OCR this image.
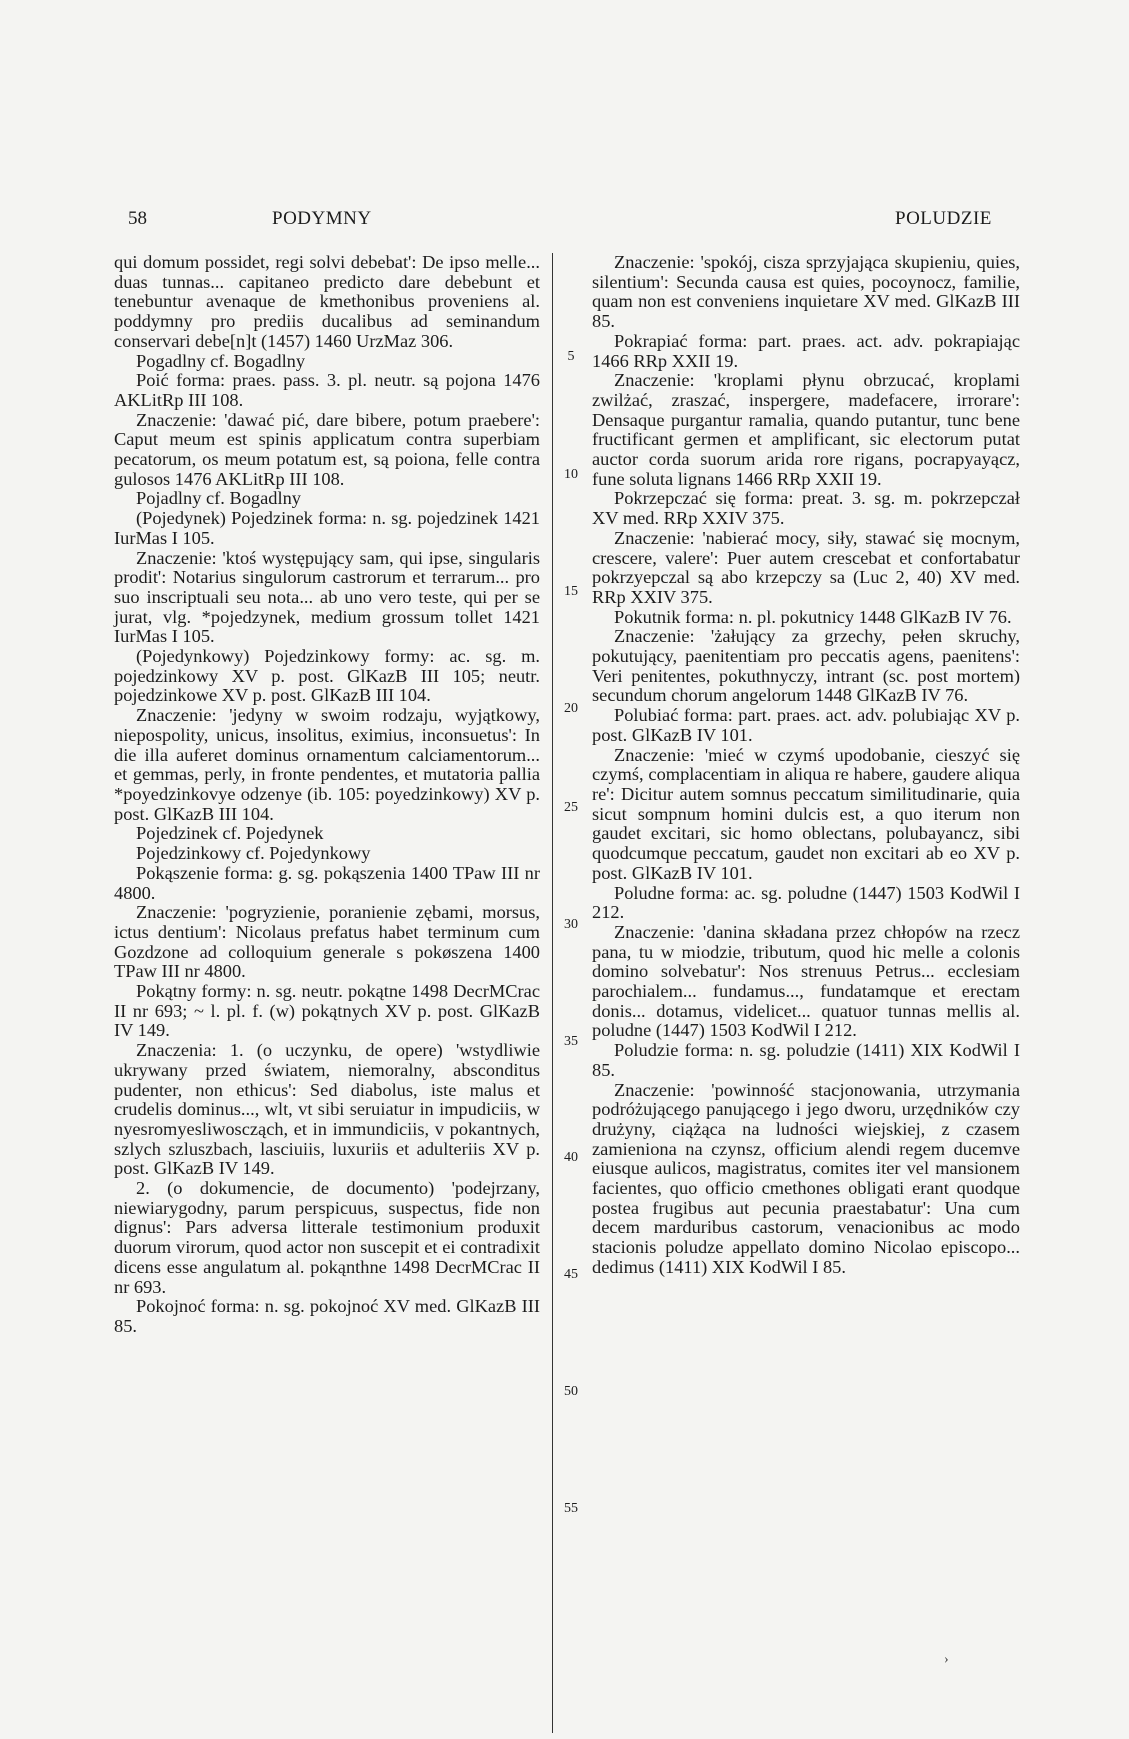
58	PODYMNY	POLUDZIE

qui domum possidet, regi solvi debebat': De ipso melle... duas tunnas... capitaneo predicto dare debebunt et tenebuntur avenaque de kmethonibus proveniens al. poddymny pro prediis ducalibus ad seminandum conservari debe[n]t (1457) 1460 UrzMaz 306.

Pogadlny cf. Bogadlny

Poić forma: praes. pass. 3. pl. neutr. są pojona 1476 AKLitRp III 108.

Znaczenie: 'dawać pić, dare bibere, potum praebere': Caput meum est spinis applicatum contra superbiam pecatorum, os meum potatum est, są poiona, felle contra gulosos 1476 AKLitRp III 108.

Pojadlny cf. Bogadlny

(Pojedynek) Pojedzinek forma: n. sg. pojedzinek 1421 IurMas I 105.

Znaczenie: 'ktoś występujący sam, qui ipse, singularis prodit': Notarius singulorum castrorum et terrarum... pro suo inscriptuali seu nota... ab uno vero teste, qui per se jurat, vlg. *pojedzynek, medium grossum tollet 1421 IurMas I 105.

(Pojedynkowy) Pojedzinkowy formy: ac. sg. m. pojedzinkowy XV p. post. GlKazB III 105; neutr. pojedzinkowe XV p. post. GlKazB III 104.

Znaczenie: 'jedyny w swoim rodzaju, wyjątkowy, niepospolity, unicus, insolitus, eximius, inconsuetus': In die illa auferet dominus ornamentum calciamentorum... et gemmas, perly, in fronte pendentes, et mutatoria pallia *poyedzinkovye odzenye (ib. 105: poyedzinkowy) XV p. post. GlKazB III 104.

Pojedzinek cf. Pojedynek

Pojedzinkowy cf. Pojedynkowy

Pokąszenie forma: g. sg. pokąszenia 1400 TPaw III nr 4800.

Znaczenie: 'pogryzienie, poranienie zębami, morsus, ictus dentium': Nicolaus prefatus habet terminum cum Gozdzone ad colloquium generale s pokøszena 1400 TPaw III nr 4800.

Pokątny formy: n. sg. neutr. pokątne 1498 DecrMCrac II nr 693; ~ l. pl. f. (w) pokątnych XV p. post. GlKazB IV 149.

Znaczenia: 1. (o uczynku, de opere) 'wstydliwie ukrywany przed światem, niemoralny, absconditus pudenter, non ethicus': Sed diabolus, iste malus et crudelis dominus..., wlt, vt sibi seruiatur in impudiciis, w nyesromyesliwoscząch, et in immundiciis, v pokantnych, szlych szluszbach, lasciuiis, luxuriis et adulteriis XV p. post. GlKazB IV 149.

2. (o dokumencie, de documento) 'podejrzany, niewiarygodny, parum perspicuus, suspectus, fide non dignus': Pars adversa litterale testimonium produxit duorum virorum, quod actor non suscepit et ei contradixit dicens esse angulatum al. pokąnthne 1498 DecrMCrac II nr 693.

Pokojnoć forma: n. sg. pokojnoć XV med. GlKazB III 85.

5
10
15
20
25
30
35
40
45
50
55

Znaczenie: 'spokój, cisza sprzyjająca skupieniu, quies, silentium': Secunda causa est quies, pocoynocz, familie, quam non est conveniens inquietare XV med. GlKazB III 85.

Pokrapiać forma: part. praes. act. adv. pokrapiając 1466 RRp XXII 19.

Znaczenie: 'kroplami płynu obrzucać, kroplami zwilżać, zraszać, inspergere, madefacere, irrorare': Densaque purgantur ramalia, quando putantur, tunc bene fructificant germen et amplificant, sic electorum putat auctor corda suorum arida rore rigans, pocrapyayącz, fune soluta lignans 1466 RRp XXII 19.

Pokrzepczać się forma: preat. 3. sg. m. pokrzepczał XV med. RRp XXIV 375.

Znaczenie: 'nabierać mocy, siły, stawać się mocnym, crescere, valere': Puer autem crescebat et confortabatur pokrzyepczal są abo krzepczy sa (Luc 2, 40) XV med. RRp XXIV 375.

Pokutnik forma: n. pl. pokutnicy 1448 GlKazB IV 76.

Znaczenie: 'żałujący za grzechy, pełen skruchy, pokutujący, paenitentiam pro peccatis agens, paenitens': Veri penitentes, pokuthnyczy, intrant (sc. post mortem) secundum chorum angelorum 1448 GlKazB IV 76.

Polubiać forma: part. praes. act. adv. polubiając XV p. post. GlKazB IV 101.

Znaczenie: 'mieć w czymś upodobanie, cieszyć się czymś, complacentiam in aliqua re habere, gaudere aliqua re': Dicitur autem somnus peccatum similitudinarie, quia sicut sompnum homini dulcis est, a quo iterum non gaudet excitari, sic homo oblectans, polubayancz, sibi quodcumque peccatum, gaudet non excitari ab eo XV p. post. GlKazB IV 101.

Poludne forma: ac. sg. poludne (1447) 1503 KodWil I 212.

Znaczenie: 'danina składana przez chłopów na rzecz pana, tu w miodzie, tributum, quod hic melle a colonis domino solvebatur': Nos strenuus Petrus... ecclesiam parochialem... fundamus..., fundatamque et erectam donis... dotamus, videlicet... quatuor tunnas mellis al. poludne (1447) 1503 KodWil I 212.

Poludzie forma: n. sg. poludzie (1411) XIX KodWil I 85.

Znaczenie: 'powinność stacjonowania, utrzymania podróżującego panującego i jego dworu, urzędników czy drużyny, ciążąca na ludności wiejskiej, z czasem zamieniona na czynsz, officium alendi regem ducemve eiusque aulicos, magistratus, comites iter vel mansionem facientes, quo officio cmethones obligati erant quodque postea frugibus aut pecunia praestabatur': Una cum decem marduribus castorum, venacionibus ac modo stacionis poludze appellato domino Nicolao episcopo... dedimus (1411) XIX KodWil I 85.

›
